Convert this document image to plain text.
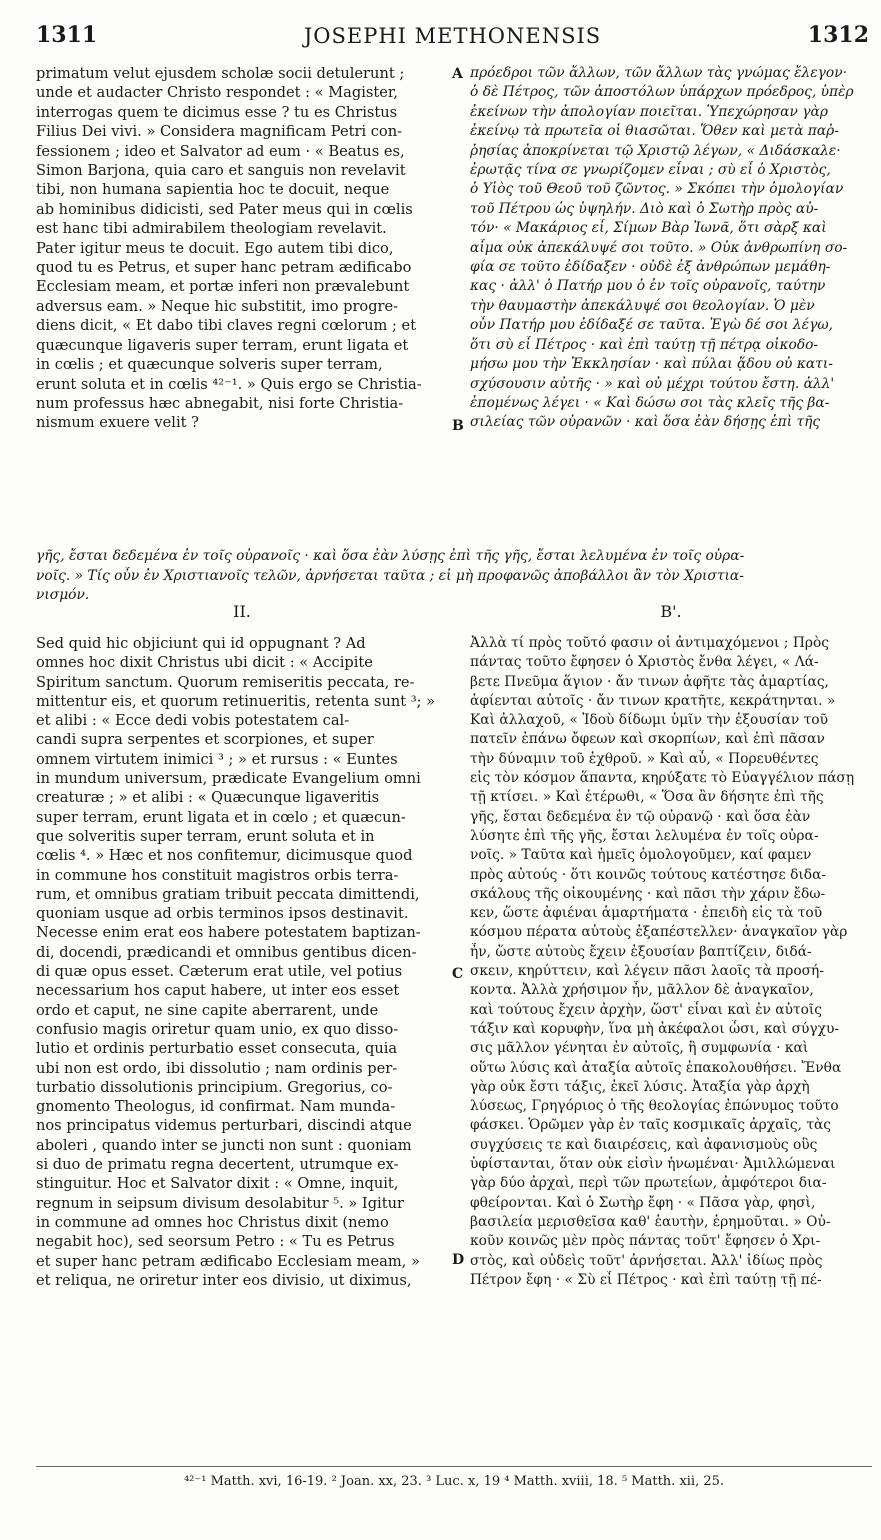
1311	JOSEPHI METHONENSIS	1312
primatum velut ejusdem scholæ socii detulerunt ;
unde et audacter Christo respondet : « Magister,
interrogas quem te dicimus esse ? tu es Christus
Filius Dei vivi. » Considera magnificam Petri con-
fessionem ; ideo et Salvator ad eum · « Beatus es,
Simon Barjona, quia caro et sanguis non revelavit
tibi, non humana sapientia hoc te docuit, neque
ab hominibus didicisti, sed Pater meus qui in cœlis
est hanc tibi admirabilem theologiam revelavit.
Pater igitur meus te docuit. Ego autem tibi dico,
quod tu es Petrus, et super hanc petram ædificabo
Ecclesiam meam, et portæ inferi non prævalebunt
adversus eam. » Neque hic substitit, imo progre-
diens dicit, « Et dabo tibi claves regni cœlorum ; et
quæcunque ligaveris super terram, erunt ligata et
in cœlis ; et quæcunque solveris super terram,
erunt soluta et in cœlis ⁴²⁻¹. » Quis ergo se Christia-
num professus hæc abnegabit, nisi forte Christia-
nismum exuere velit ?
πρόεδροι τῶν ἄλλων, τῶν ἄλλων τὰς γνώμας ἔλεγον·
ὁ δὲ Πέτρος, τῶν ἀποστόλων ὑπάρχων πρόεδρος, ὑπὲρ
ἐκείνων τὴν ἀπολογίαν ποιεῖται. Ὑπεχώρησαν γὰρ
ἐκείνῳ τὰ πρωτεῖα οἱ θιασῶται. Ὅθεν καὶ μετὰ παῤ-
ῥησίας ἀποκρίνεται τῷ Χριστῷ λέγων, « Διδάσκαλε·
ἐρωτᾷς τίνα σε γνωρίζομεν εἶναι ; σὺ εἶ ὁ Χριστὸς,
ὁ Υἱὸς τοῦ Θεοῦ τοῦ ζῶντος. » Σκόπει τὴν ὁμολογίαν
τοῦ Πέτρου ὡς ὑψηλήν. Διὸ καὶ ὁ Σωτὴρ πρὸς αὐ-
τόν· « Μακάριος εἶ, Σίμων Βὰρ Ἰωνᾶ, ὅτι σὰρξ καὶ
αἷμα οὐκ ἀπεκάλυψέ σοι τοῦτο. » Οὐκ ἀνθρωπίνη σο-
φία σε τοῦτο ἐδίδαξεν · οὐδὲ ἐξ ἀνθρώπων μεμάθη-
κας · ἀλλ' ὁ Πατήρ μου ὁ ἐν τοῖς οὐρανοῖς, ταύτην
τὴν θαυμαστὴν ἀπεκάλυψέ σοι θεολογίαν. Ὁ μὲν
οὖν Πατήρ μου ἐδίδαξέ σε ταῦτα. Ἐγὼ δέ σοι λέγω,
ὅτι σὺ εἶ Πέτρος · καὶ ἐπὶ ταύτῃ τῇ πέτρᾳ οἰκοδο-
μήσω μου τὴν Ἐκκλησίαν · καὶ πύλαι ᾅδου οὐ κατι-
σχύσουσιν αὐτῆς · » καὶ οὐ μέχρι τούτου ἔστη. ἀλλ'
ἐπομένως λέγει · « Καὶ δώσω σοι τὰς κλεῖς τῆς βα-
σιλείας τῶν οὐρανῶν · καὶ ὅσα ἐὰν δήσῃς ἐπὶ τῆς
γῆς, ἔσται δεδεμένα ἐν τοῖς οὐρανοῖς · καὶ ὅσα ἐὰν λύσῃς ἐπὶ τῆς γῆς, ἔσται λελυμένα ἐν τοῖς οὐρα-
νοῖς. » Τίς οὖν ἐν Χριστιανοῖς τελῶν, ἀρνήσεται ταῦτα ; εἰ μὴ προφανῶς ἀποβάλλοι ἂν τὸν Χριστια-
νισμόν.
II.	Β'.
Sed quid hic objiciunt qui id oppugnant ? Ad
omnes hoc dixit Christus ubi dicit : « Accipite
Spiritum sanctum. Quorum remiseritis peccata, re-
mittentur eis, et quorum retinueritis, retenta sunt ³; »
et alibi : « Ecce dedi vobis potestatem cal-
candi supra serpentes et scorpiones, et super
omnem virtutem inimici ³ ; » et rursus : « Euntes
in mundum universum, prædicate Evangelium omni
creaturæ ; » et alibi : « Quæcunque ligaveritis
super terram, erunt ligata et in cœlo ; et quæcun-
que solveritis super terram, erunt soluta et in
cœlis ⁴. » Hæc et nos confitemur, dicimusque quod
in commune hos constituit magistros orbis terra-
rum, et omnibus gratiam tribuit peccata dimittendi,
quoniam usque ad orbis terminos ipsos destinavit.
Necesse enim erat eos habere potestatem baptizan-
di, docendi, prædicandi et omnibus gentibus dicen-
di quæ opus esset. Cæterum erat utile, vel potius
necessarium hos caput habere, ut inter eos esset
ordo et caput, ne sine capite aberrarent, unde
confusio magis oriretur quam unio, ex quo disso-
lutio et ordinis perturbatio esset consecuta, quia
ubi non est ordo, ibi dissolutio ; nam ordinis per-
turbatio dissolutionis principium. Gregorius, co-
gnomento Theologus, id confirmat. Nam munda-
nos principatus videmus perturbari, discindi atque
aboleri , quando inter se juncti non sunt : quoniam
si duo de primatu regna decertent, utrumque ex-
stinguitur. Hoc et Salvator dixit : « Omne, inquit,
regnum in seipsum divisum desolabitur ⁵. » Igitur
in commune ad omnes hoc Christus dixit (nemo
negabit hoc), sed seorsum Petro : « Tu es Petrus
et super hanc petram ædificabo Ecclesiam meam, »
et reliqua, ne oriretur inter eos divisio, ut diximus,
Ἀλλὰ τί πρὸς τοῦτό φασιν οἱ ἀντιμαχόμενοι ; Πρὸς
πάντας τοῦτο ἔφησεν ὁ Χριστὸς ἔνθα λέγει, « Λά-
βετε Πνεῦμα ἅγιον · ἄν τινων ἀφῆτε τὰς ἁμαρτίας,
ἀφίενται αὐτοῖς · ἄν τινων κρατῆτε, κεκράτηνται. »
Καὶ ἀλλαχοῦ, « Ἰδοὺ δίδωμι ὑμῖν τὴν ἐξουσίαν τοῦ
πατεῖν ἐπάνω ὄφεων καὶ σκορπίων, καὶ ἐπὶ πᾶσαν
τὴν δύναμιν τοῦ ἐχθροῦ. » Καὶ αὖ, « Πορευθέντες
εἰς τὸν κόσμον ἅπαντα, κηρύξατε τὸ Εὐαγγέλιον πάσῃ
τῇ κτίσει. » Καὶ ἑτέρωθι, « Ὅσα ἂν δήσητε ἐπὶ τῆς
γῆς, ἔσται δεδεμένα ἐν τῷ οὐρανῷ · καὶ ὅσα ἐὰν
λύσητε ἐπὶ τῆς γῆς, ἔσται λελυμένα ἐν τοῖς οὐρα-
νοῖς. » Ταῦτα καὶ ἡμεῖς ὁμολογοῦμεν, καί φαμεν
πρὸς αὐτούς · ὅτι κοινῶς τούτους κατέστησε διδα-
σκάλους τῆς οἰκουμένης · καὶ πᾶσι τὴν χάριν ἔδω-
κεν, ὥστε ἀφιέναι ἁμαρτήματα · ἐπειδὴ εἰς τὰ τοῦ
κόσμου πέρατα αὐτοὺς ἐξαπέστελλεν· ἀναγκαῖον γὰρ
ἦν, ὥστε αὐτοὺς ἔχειν ἐξουσίαν βαπτίζειν, διδά-
σκειν, κηρύττειν, καὶ λέγειν πᾶσι λαοῖς τὰ προσή-
κοντα. Ἀλλὰ χρήσιμον ἦν, μᾶλλον δὲ ἀναγκαῖον,
καὶ τούτους ἔχειν ἀρχὴν, ὥστ' εἶναι καὶ ἐν αὐτοῖς
τάξιν καὶ κορυφὴν, ἵνα μὴ ἀκέφαλοι ὦσι, καὶ σύγχυ-
σις μᾶλλον γένηται ἐν αὐτοῖς, ἢ συμφωνία · καὶ
οὕτω λύσις καὶ ἀταξία αὐτοῖς ἐπακολουθήσει. Ἔνθα
γὰρ οὐκ ἔστι τάξις, ἐκεῖ λύσις. Ἀταξία γὰρ ἀρχὴ
λύσεως, Γρηγόριος ὁ τῆς θεολογίας ἐπώνυμος τοῦτο
φάσκει. Ὁρῶμεν γὰρ ἐν ταῖς κοσμικαῖς ἀρχαῖς, τὰς
συγχύσεις τε καὶ διαιρέσεις, καὶ ἀφανισμοὺς οὓς
ὑφίστανται, ὅταν οὐκ εἰσὶν ἡνωμέναι· Ἀμιλλώμεναι
γὰρ δύο ἀρχαὶ, περὶ τῶν πρωτείων, ἀμφότεροι δια-
φθείρονται. Καὶ ὁ Σωτὴρ ἔφη · « Πᾶσα γὰρ, φησὶ,
βασιλεία μερισθεῖσα καθ' ἑαυτὴν, ἐρημοῦται. » Οὐ-
κοῦν κοινῶς μὲν πρὸς πάντας τοῦτ' ἔφησεν ὁ Χρι-
στὸς, καὶ οὐδεὶς τοῦτ' ἀρνήσεται. Ἀλλ' ἰδίως πρὸς
Πέτρον ἔφη · « Σὺ εἶ Πέτρος · καὶ ἐπὶ ταύτῃ τῇ πέ-
A
B
C
D
⁴²⁻¹ Matth. xvi, 16-19. ² Joan. xx, 23. ³ Luc. x, 19 ⁴ Matth. xviii, 18. ⁵ Matth. xii, 25.
